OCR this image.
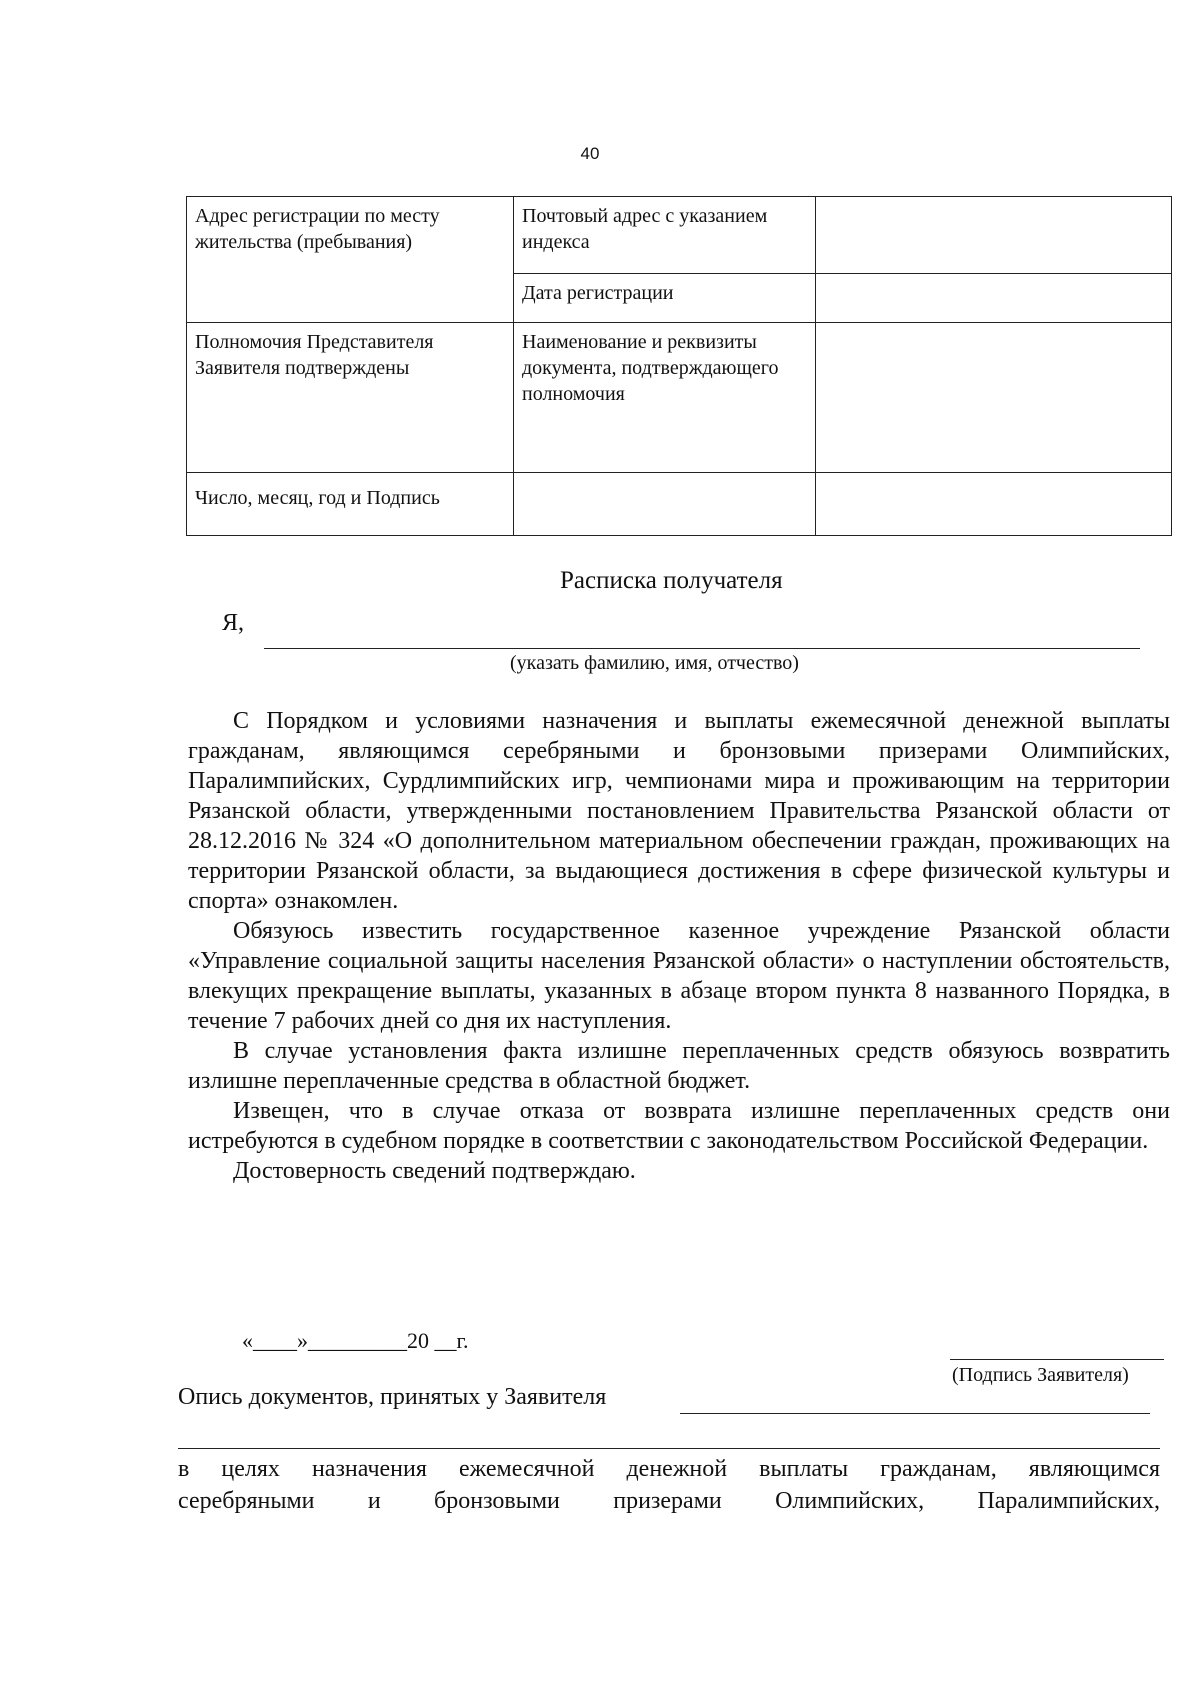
40
Адрес регистрации по месту жительства (пребывания)	Почтовый адрес с указанием индекса	
	Дата регистрации	
Полномочия Представителя Заявителя подтверждены	Наименование и реквизиты документа, подтверждающего полномочия	
Число, месяц, год и Подпись		
Расписка получателя
Я,
(указать фамилию, имя, отчество)

С Порядком и условиями назначения и выплаты ежемесячной денежной выплаты гражданам, являющимся серебряными и бронзовыми призерами Олимпийских, Паралимпийских, Сурдлимпийских игр, чемпионами мира и проживающим на территории Рязанской области, утвержденными постановлением Правительства Рязанской области от 28.12.2016 № 324 «О дополнительном материальном обеспечении граждан, проживающих на территории Рязанской области, за выдающиеся достижения в сфере физической культуры и спорта» ознакомлен.

Обязуюсь известить государственное казенное учреждение Рязанской области «Управление социальной защиты населения Рязанской области» о наступлении обстоятельств, влекущих прекращение выплаты, указанных в абзаце втором пункта 8 названного Порядка, в течение 7 рабочих дней со дня их наступления.

В случае установления факта излишне переплаченных средств обязуюсь возвратить излишне переплаченные средства в областной бюджет.

Извещен, что в случае отказа от возврата излишне переплаченных средств они истребуются в судебном порядке в соответствии с законодательством Российской Федерации.

Достоверность сведений подтверждаю.

«____»_________20 __г.
(Подпись Заявителя)
Опись документов, принятых у Заявителя

в целях назначения ежемесячной денежной выплаты гражданам, являющимся

серебряными и бронзовыми призерами Олимпийских, Паралимпийских,
